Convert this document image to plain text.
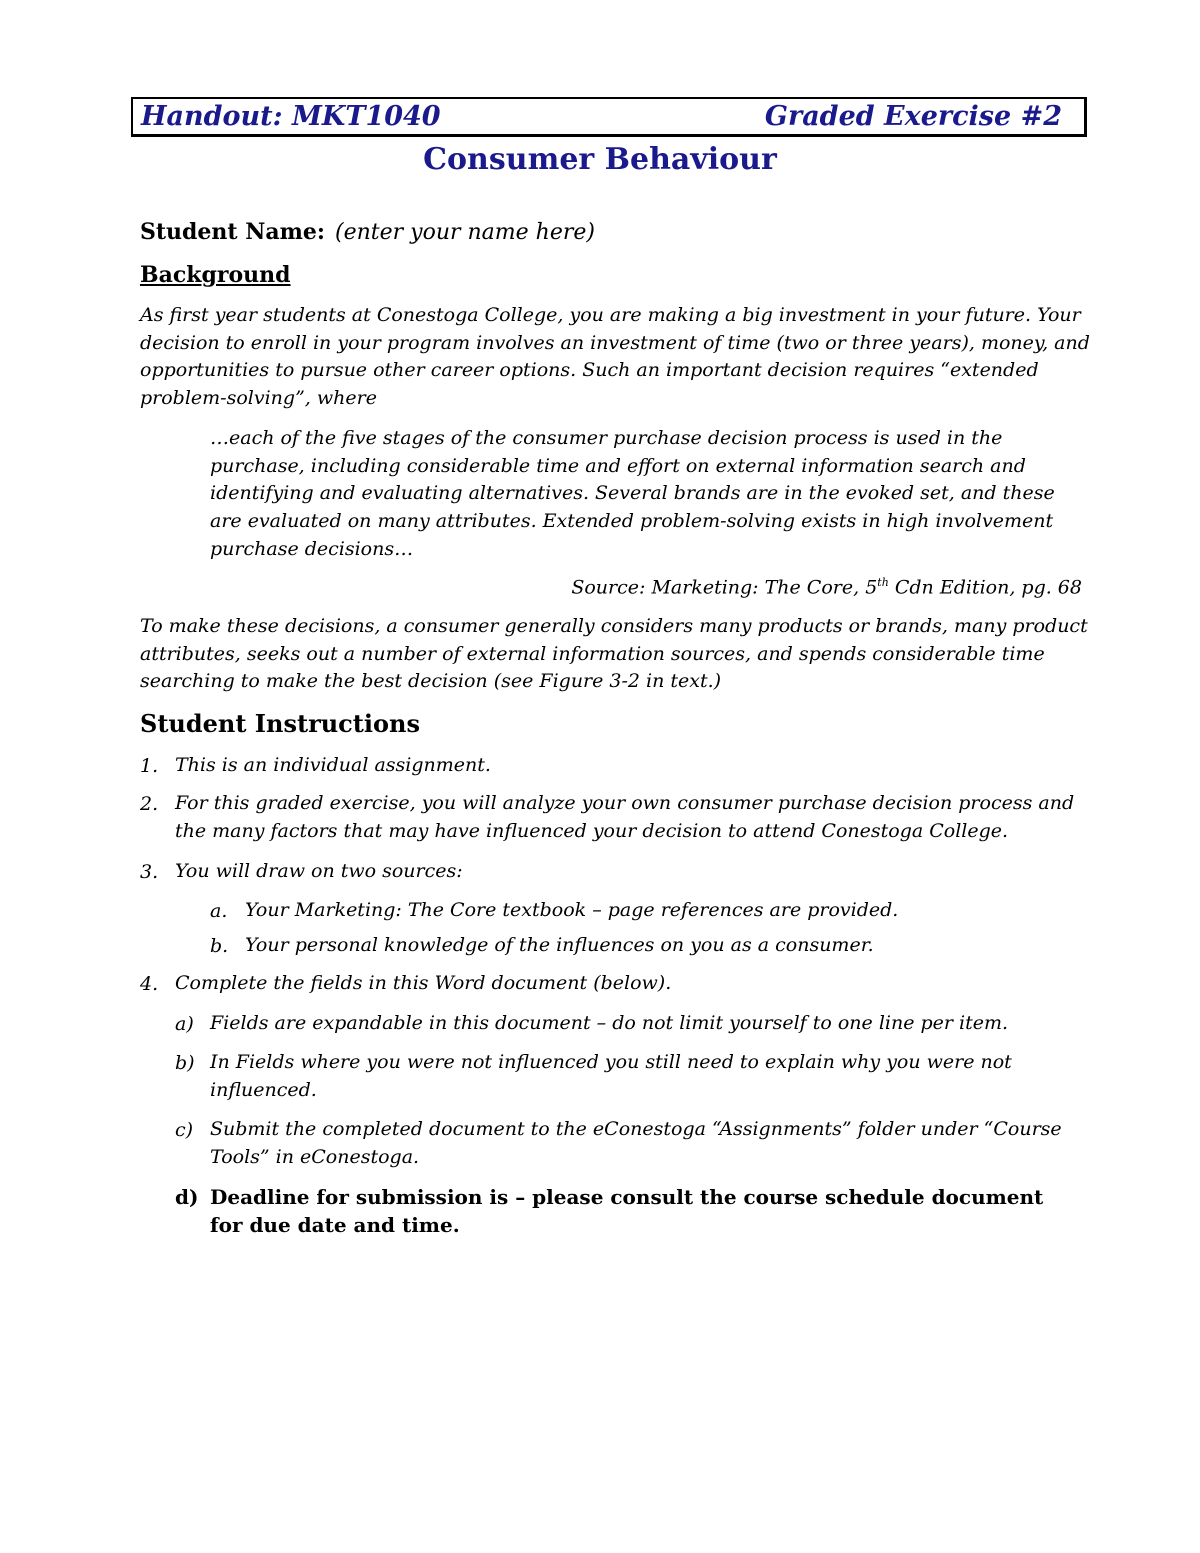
Handout: MKT1040	Graded Exercise #2
Consumer Behaviour
Student Name: (enter your name here)
Background
As first year students at Conestoga College, you are making a big investment in your future. Your decision to enroll in your program involves an investment of time (two or three years), money, and opportunities to pursue other career options. Such an important decision requires “extended problem-solving”, where
…each of the five stages of the consumer purchase decision process is used in the purchase, including considerable time and effort on external information search and identifying and evaluating alternatives. Several brands are in the evoked set, and these are evaluated on many attributes. Extended problem-solving exists in high involvement purchase decisions…
Source: Marketing: The Core, 5th Cdn Edition, pg. 68
To make these decisions, a consumer generally considers many products or brands, many product attributes, seeks out a number of external information sources, and spends considerable time searching to make the best decision (see Figure 3-2 in text.)
Student Instructions
1. This is an individual assignment.
2. For this graded exercise, you will analyze your own consumer purchase decision process and the many factors that may have influenced your decision to attend Conestoga College.
3. You will draw on two sources:
a. Your Marketing: The Core textbook – page references are provided.
b. Your personal knowledge of the influences on you as a consumer.
4. Complete the fields in this Word document (below).
a) Fields are expandable in this document – do not limit yourself to one line per item.
b) In Fields where you were not influenced you still need to explain why you were not influenced.
c) Submit the completed document to the eConestoga “Assignments” folder under “Course Tools” in eConestoga.
d) Deadline for submission is – please consult the course schedule document for due date and time.
